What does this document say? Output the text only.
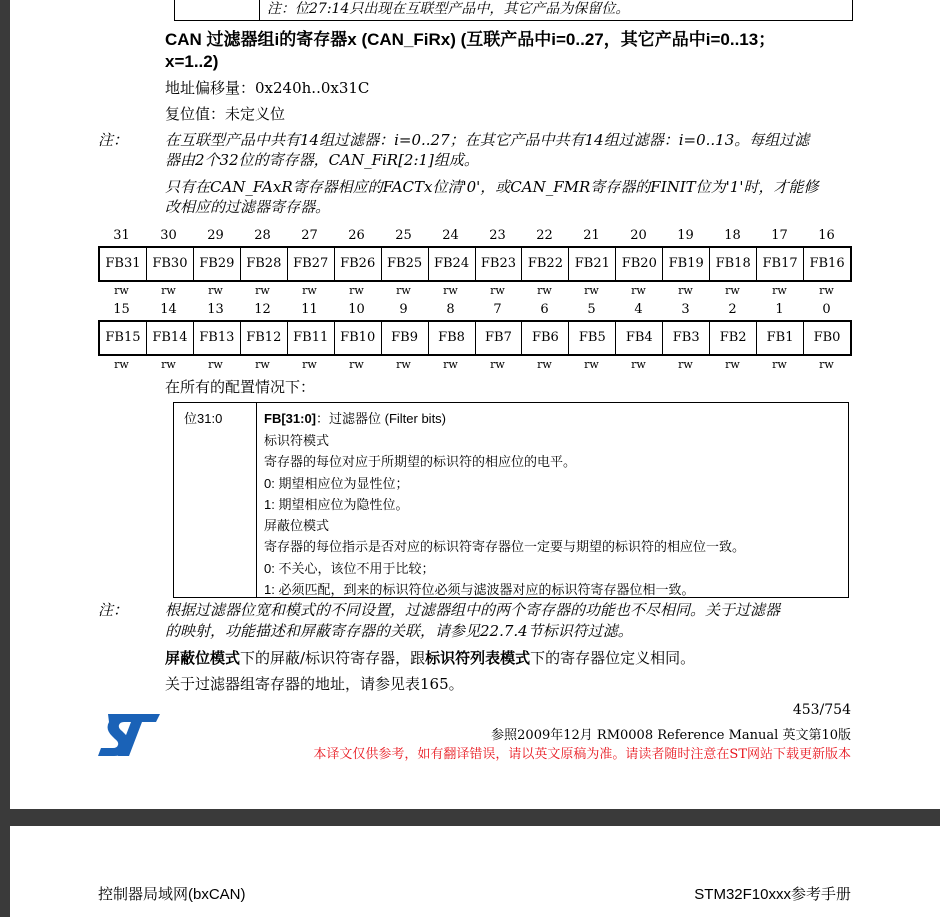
注：位27:14只出现在互联型产品中，其它产品为保留位。
CAN 过滤器组i的寄存器x (CAN_FiRx) (互联产品中i=0..27，其它产品中i=0..13；
x=1..2)
地址偏移量：0x240h..0x31C
复位值：未定义位
注： 在互联型产品中共有14组过滤器：i=0..27；在其它产品中共有14组过滤器：i=0..13。每组过滤
器由2个32位的寄存器，CAN_FiR[2:1]组成。
只有在CAN_FAxR寄存器相应的FACTx位清'0'，或CAN_FMR寄存器的FINIT位为'1'时，才能修
改相应的过滤器寄存器。
31	30	29	28	27	26	25	24	23	22	21	20	19	18	17	16
FB31 FB30 FB29 FB28 FB27 FB26 FB25 FB24 FB23 FB22 FB21 FB20 FB19 FB18 FB17 FB16
rw	rw	rw	rw	rw	rw	rw	rw	rw	rw	rw	rw	rw	rw	rw	rw
15	14	13	12	11	10	9	8	7	6	5	4	3	2	1	0
FB15 FB14 FB13 FB12 FB11 FB10	FB9	FB8	FB7	FB6	FB5	FB4	FB3	FB2	FB1	FB0
rw	rw	rw	rw	rw	rw	rw	rw	rw	rw	rw	rw	rw	rw	rw	rw
在所有的配置情况下：
位31:0	FB[31:0]：过滤器位 (Filter bits)
标识符模式
寄存器的每位对应于所期望的标识符的相应位的电平。
0: 期望相应位为显性位；
1: 期望相应位为隐性位。
屏蔽位模式
寄存器的每位指示是否对应的标识符寄存器位一定要与期望的标识符的相应位一致。
0: 不关心，该位不用于比较；
1: 必须匹配，到来的标识符位必须与滤波器对应的标识符寄存器位相一致。
注： 根据过滤器位宽和模式的不同设置，过滤器组中的两个寄存器的功能也不尽相同。关于过滤器
的映射，功能描述和屏蔽寄存器的关联，请参见22.7.4节标识符过滤。
屏蔽位模式下的屏蔽/标识符寄存器，跟标识符列表模式下的寄存器位定义相同。
关于过滤器组寄存器的地址，请参见表165。
453/754
参照2009年12月 RM0008 Reference Manual 英文第10版
本译文仅供参考，如有翻译错误，请以英文原稿为准。请读者随时注意在ST网站下载更新版本
控制器局域网(bxCAN)	STM32F10xxx参考手册
